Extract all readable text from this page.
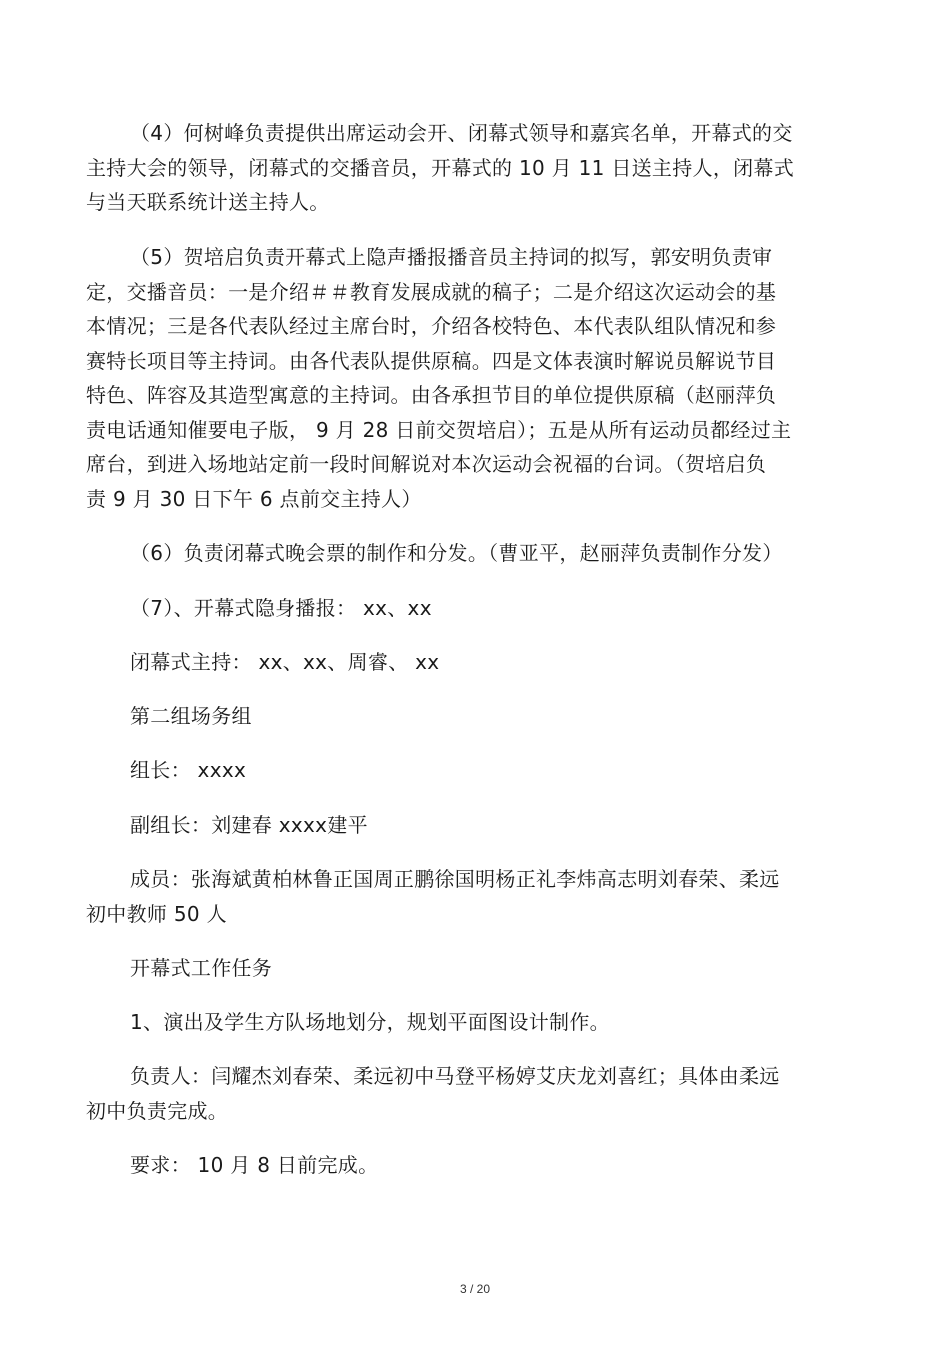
（4）何树峰负责提供出席运动会开、闭幕式领导和嘉宾名单，开幕式的交
主持大会的领导，闭幕式的交播音员，开幕式的 10 月 11 日送主持人，闭幕式
与当天联系统计送主持人。
（5）贺培启负责开幕式上隐声播报播音员主持词的拟写，郭安明负责审
定，交播音员：一是介绍＃＃教育发展成就的稿子；二是介绍这次运动会的基
本情况；三是各代表队经过主席台时，介绍各校特色、本代表队组队情况和参
赛特长项目等主持词。由各代表队提供原稿。四是文体表演时解说员解说节目
特色、阵容及其造型寓意的主持词。由各承担节目的单位提供原稿（赵丽萍负
责电话通知催要电子版， 9 月 28 日前交贺培启）；五是从所有运动员都经过主
席台，到进入场地站定前一段时间解说对本次运动会祝福的台词。（贺培启负
责 9 月 30 日下午 6 点前交主持人）
（6）负责闭幕式晚会票的制作和分发。（曹亚平，赵丽萍负责制作分发）
（7）、开幕式隐身播报： xx、xx
闭幕式主持： xx、xx、周睿、 xx
第二组场务组
组长： xxxx
副组长：刘建春 xxxx建平
成员：张海斌黄柏林鲁正国周正鹏徐国明杨正礼李炜高志明刘春荣、柔远
初中教师 50 人
开幕式工作任务
1、演出及学生方队场地划分，规划平面图设计制作。
负责人：闫耀杰刘春荣、柔远初中马登平杨婷艾庆龙刘喜红；具体由柔远
初中负责完成。
要求： 10 月 8 日前完成。
3 / 20
